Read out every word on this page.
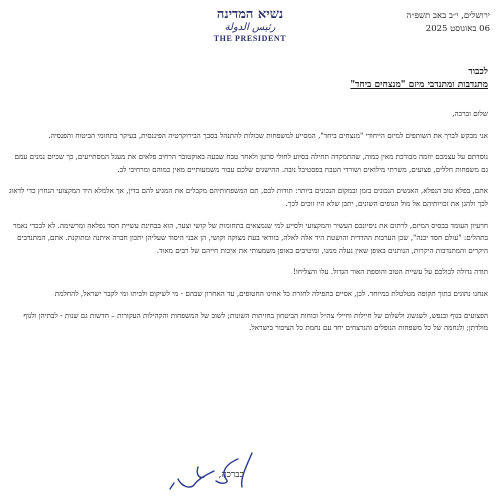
נשיא המדינה
رئيس الدولة
THE PRESIDENT
ירושלים, י״ב באב תשפ״ה
06 באוגוסט 2025
לכבוד
מתנדבות ומתנדבי מיזם "מנצחים ביחד"

שלום וברכה,

אני מבקש לברך את השותפים למיזם הייחודי "מנצחים ביחד", המסייע למשפחות שכולות להתנהל בסבך הבירוקרטיה הפיננסית, בעיקר בתחומי הביטוח והפנסיה.

נוסדתם על עצמכם יוזמה מבורכת מאין כמוה, שהתמקדה תחילה בסיוע לחולי סרטן ולאחר טבח שבעה באוקטובר הרחיב פלאים את מעגל המסתייעים, כך שכיום נמנים עמם גם משפחות חללים, פצועים, משרתי מילואים ושורדי הטבח בפסטיבל נובה. ההישגים שלכם עבור משמעותיים מאין כמוהם ומרחיבי לב.

אתם, בפלא טוב הנפלא, האנשים הנכונים בזמן ובמקום הנכונים ביותר: תודות לכם, תם המשפחותיהם מקבלים את המגיע להם בדין, אך אלמלא היד המקצועי הנחוץ כדי לדאוג לכך ולהגן את זכויותיהם אל מול הגופים השונים, יתכן שלא היו זוכים לכך.

חרעיון העומד בבסיס המיזם, לרתום את ניסיונכם העשיר והמקצועי ולסייע למי שנמצאים בתחומות של קושי וצער, הוא בבחינת עשיית חסד נפלאה ומרשימה. לא לבכדי נאמר בתהלים: "עולם חסד יבנה", שכן הערבות ההדדית והושטת היד אלה לאלה, בוודאי בעת מצוקה וקושי, הן אבני היסוד שעליהן יתכון חברה איתנה ומתוקנת. אתם, המתנדבים היקרים והמתנדבות היקרות, הנותנים באופן שאין נעלה ממנו, ומיטיבים באופן משמעותי את איכות חייהם של רבים מאוד.

תודה גדולה לכולכם על עשיית הטוב והוספת האור הגדול. עלו והצליחו!

אנחנו נתונים בתוך תקופה מטלטלת במיוחד. לכן, אסיים בתפילה לחזרת כל אחינו החטופים, עד האחרון שבהם - מי לשיקום ולביתו ומי לקבר ישראל, להחלמת

הפצועים בגוף ובנפש, לשגשוג ולשלום של חיילות וחיילי צה״ל וכוחות הביטחון בחזיתות השונות; לשוב של המשפחות והקהילות העקורות – חדשות גם שנות - לבתיהן ולנוף מולדתן; ולנחמה של כל משפחות הנופלים והנרצחים יחד עם נחמת כל הציבור בישראל.

בברכה,
